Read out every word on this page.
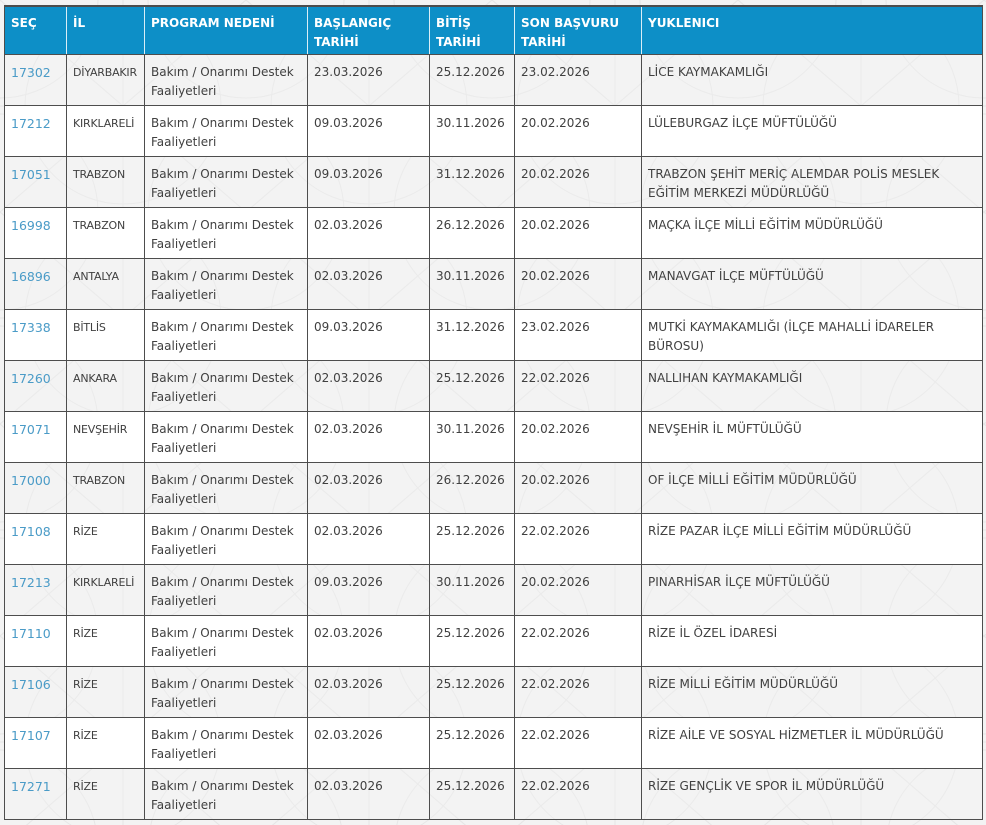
SEÇ	İL	PROGRAM NEDENİ	BAŞLANGIÇ TARİHİ	BİTİŞ TARİHİ	SON BAŞVURU TARİHİ	YUKLENICI
17302	DİYARBAKIR	Bakım / Onarımı Destek Faaliyetleri	23.03.2026	25.12.2026	23.02.2026	LİCE KAYMAKAMLIĞI
17212	KIRKLARELİ	Bakım / Onarımı Destek Faaliyetleri	09.03.2026	30.11.2026	20.02.2026	LÜLEBURGAZ İLÇE MÜFTÜLÜĞÜ
17051	TRABZON	Bakım / Onarımı Destek Faaliyetleri	09.03.2026	31.12.2026	20.02.2026	TRABZON ŞEHİT MERİÇ ALEMDAR POLİS MESLEK EĞİTİM MERKEZİ MÜDÜRLÜĞÜ
16998	TRABZON	Bakım / Onarımı Destek Faaliyetleri	02.03.2026	26.12.2026	20.02.2026	MAÇKA İLÇE MİLLİ EĞİTİM MÜDÜRLÜĞÜ
16896	ANTALYA	Bakım / Onarımı Destek Faaliyetleri	02.03.2026	30.11.2026	20.02.2026	MANAVGAT İLÇE MÜFTÜLÜĞÜ
17338	BİTLİS	Bakım / Onarımı Destek Faaliyetleri	09.03.2026	31.12.2026	23.02.2026	MUTKİ KAYMAKAMLIĞI (İLÇE MAHALLİ İDARELER BÜROSU)
17260	ANKARA	Bakım / Onarımı Destek Faaliyetleri	02.03.2026	25.12.2026	22.02.2026	NALLIHAN KAYMAKAMLIĞI
17071	NEVŞEHİR	Bakım / Onarımı Destek Faaliyetleri	02.03.2026	30.11.2026	20.02.2026	NEVŞEHİR İL MÜFTÜLÜĞÜ
17000	TRABZON	Bakım / Onarımı Destek Faaliyetleri	02.03.2026	26.12.2026	20.02.2026	OF İLÇE MİLLİ EĞİTİM MÜDÜRLÜĞÜ
17108	RİZE	Bakım / Onarımı Destek Faaliyetleri	02.03.2026	25.12.2026	22.02.2026	RİZE PAZAR İLÇE MİLLİ EĞİTİM MÜDÜRLÜĞÜ
17213	KIRKLARELİ	Bakım / Onarımı Destek Faaliyetleri	09.03.2026	30.11.2026	20.02.2026	PINARHİSAR İLÇE MÜFTÜLÜĞÜ
17110	RİZE	Bakım / Onarımı Destek Faaliyetleri	02.03.2026	25.12.2026	22.02.2026	RİZE İL ÖZEL İDARESİ
17106	RİZE	Bakım / Onarımı Destek Faaliyetleri	02.03.2026	25.12.2026	22.02.2026	RİZE MİLLİ EĞİTİM MÜDÜRLÜĞÜ
17107	RİZE	Bakım / Onarımı Destek Faaliyetleri	02.03.2026	25.12.2026	22.02.2026	RİZE AİLE VE SOSYAL HİZMETLER İL MÜDÜRLÜĞÜ
17271	RİZE	Bakım / Onarımı Destek Faaliyetleri	02.03.2026	25.12.2026	22.02.2026	RİZE GENÇLİK VE SPOR İL MÜDÜRLÜĞÜ
